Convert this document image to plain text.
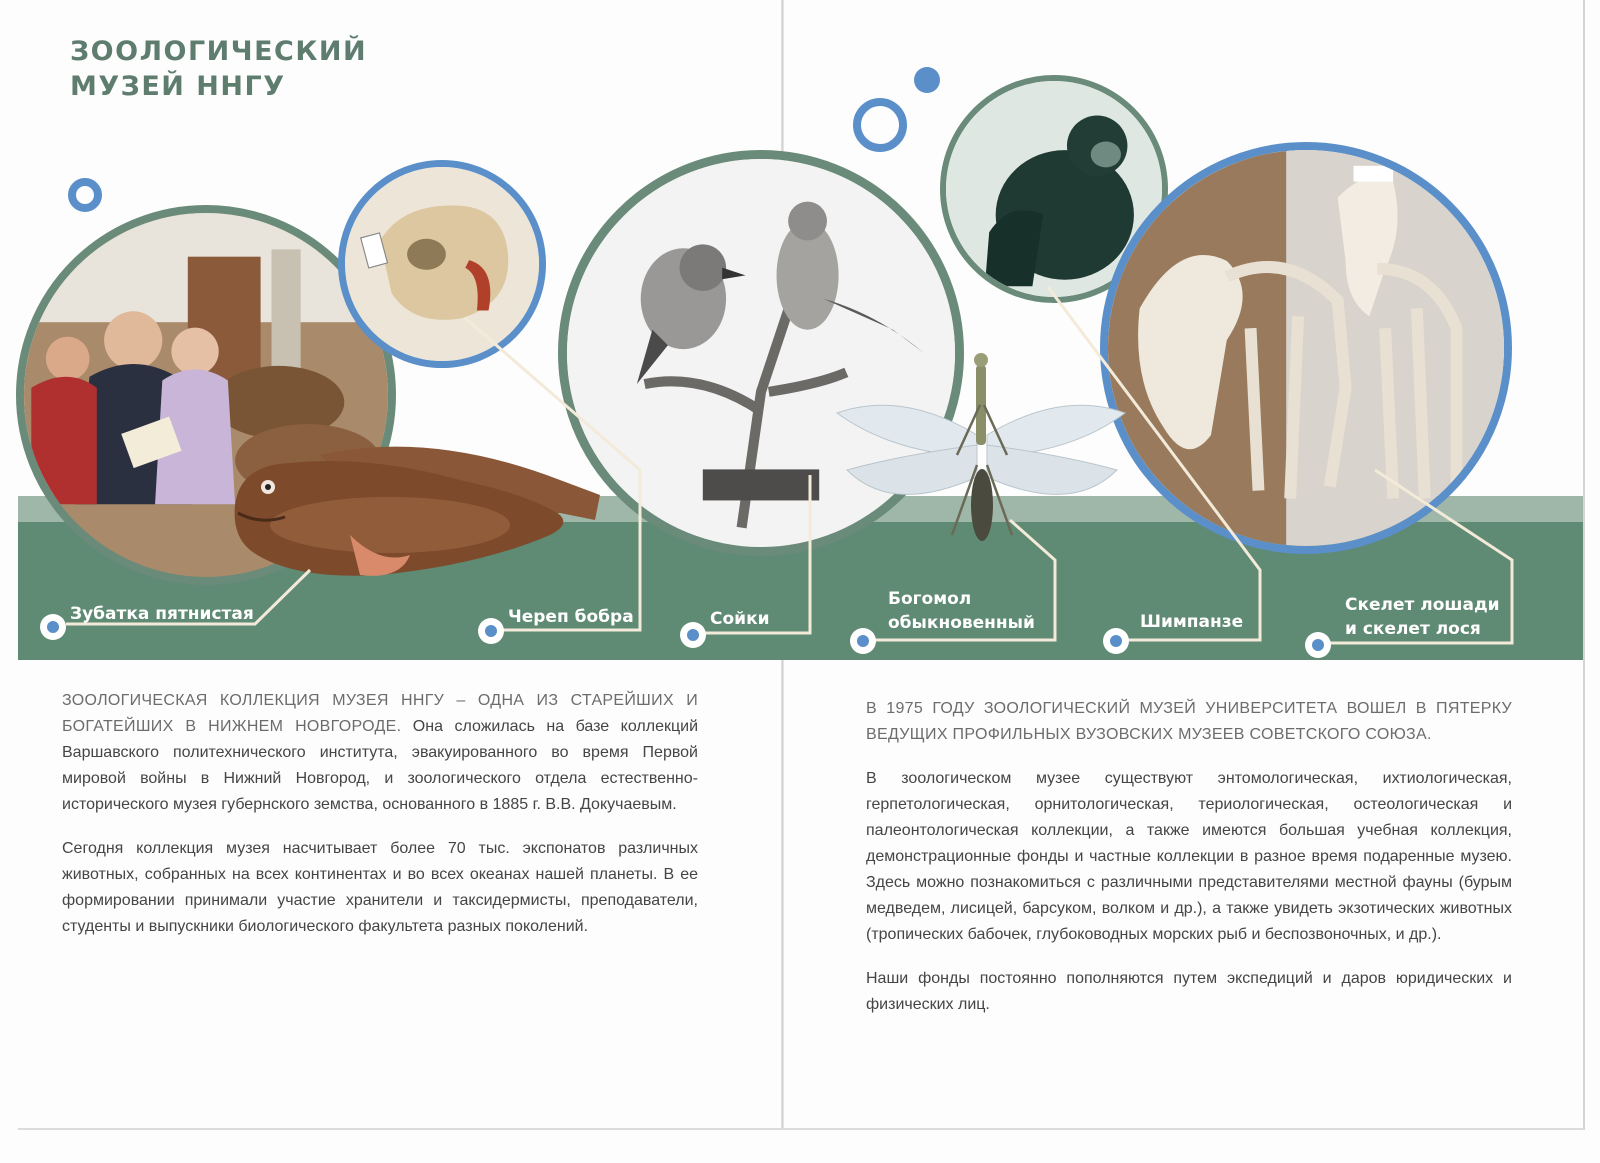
ЗООЛОГИЧЕСКИЙ
МУЗЕЙ ННГУ
Зубатка пятнистая	Череп бобра	Сойки
Богомол
обыкновенный	Шимпанзе
Скелет лошади
и скелет лося

ЗООЛОГИЧЕСКАЯ КОЛЛЕКЦИЯ МУЗЕЯ ННГУ – ОДНА ИЗ СТАРЕЙШИХ И БОГАТЕЙШИХ В НИЖНЕМ НОВГОРОДЕ. Она сложилась на базе коллекций Варшавского политехнического института, эвакуированного во время Первой мировой войны в Нижний Новгород, и зоологического отдела естественно-исторического музея губернского земства, основанного в 1885 г. В.В. Докучаевым.

Сегодня коллекция музея насчитывает более 70 тыс. экспонатов различных животных, собранных на всех континентах и во всех океанах нашей планеты. В ее формировании принимали участие хранители и таксидермисты, преподаватели, студенты и выпускники биологического факультета разных поколений.

В 1975 ГОДУ ЗООЛОГИЧЕСКИЙ МУЗЕЙ УНИВЕРСИТЕТА ВОШЕЛ В ПЯТЕРКУ ВЕДУЩИХ ПРОФИЛЬНЫХ ВУЗОВСКИХ МУЗЕЕВ СОВЕТСКОГО СОЮЗА.

В зоологическом музее существуют энтомологическая, ихтиологическая, герпетологическая, орнитологическая, териологическая, остеологическая и палеонтологическая коллекции, а также имеются большая учебная коллекция, демонстрационные фонды и частные коллекции в разное время подаренные музею. Здесь можно познакомиться с различными представителями местной фауны (бурым медведем, лисицей, барсуком, волком и др.), а также увидеть экзотических животных (тропических бабочек, глубоководных морских рыб и беспозвоночных, и др.).

Наши фонды постоянно пополняются путем экспедиций и даров юридических и физических лиц.
